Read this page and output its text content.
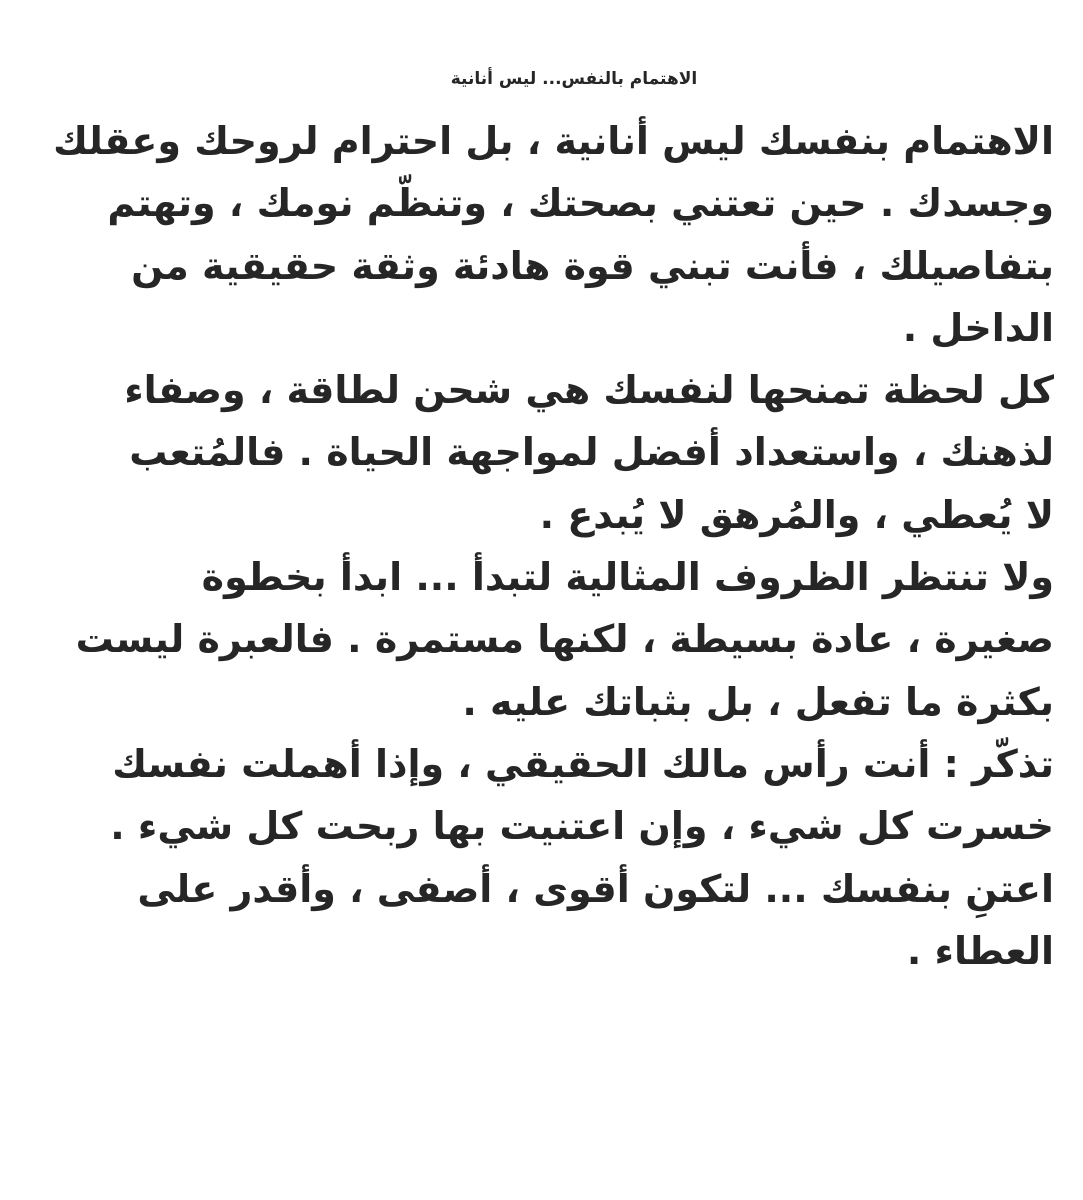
الاهتمام بالنفس... ليس أنانية
الاهتمام بنفسك ليس أنانية ، بل احترام لروحك وعقلك
وجسدك . حين تعتني بصحتك ، وتنظّم نومك ، وتهتم
بتفاصيلك ، فأنت تبني قوة هادئة وثقة حقيقية من
الداخل .
كل لحظة تمنحها لنفسك هي شحن لطاقة ، وصفاء
لذهنك ، واستعداد أفضل لمواجهة الحياة . فالمُتعب
لا يُعطي ، والمُرهق لا يُبدع .
ولا تنتظر الظروف المثالية لتبدأ ... ابدأ بخطوة
صغيرة ، عادة بسيطة ، لكنها مستمرة . فالعبرة ليست
بكثرة ما تفعل ، بل بثباتك عليه .
تذكّر : أنت رأس مالك الحقيقي ، وإذا أهملت نفسك
خسرت كل شيء ، وإن اعتنيت بها ربحت كل شيء .
اعتنِ بنفسك ... لتكون أقوى ، أصفى ، وأقدر على
العطاء .
